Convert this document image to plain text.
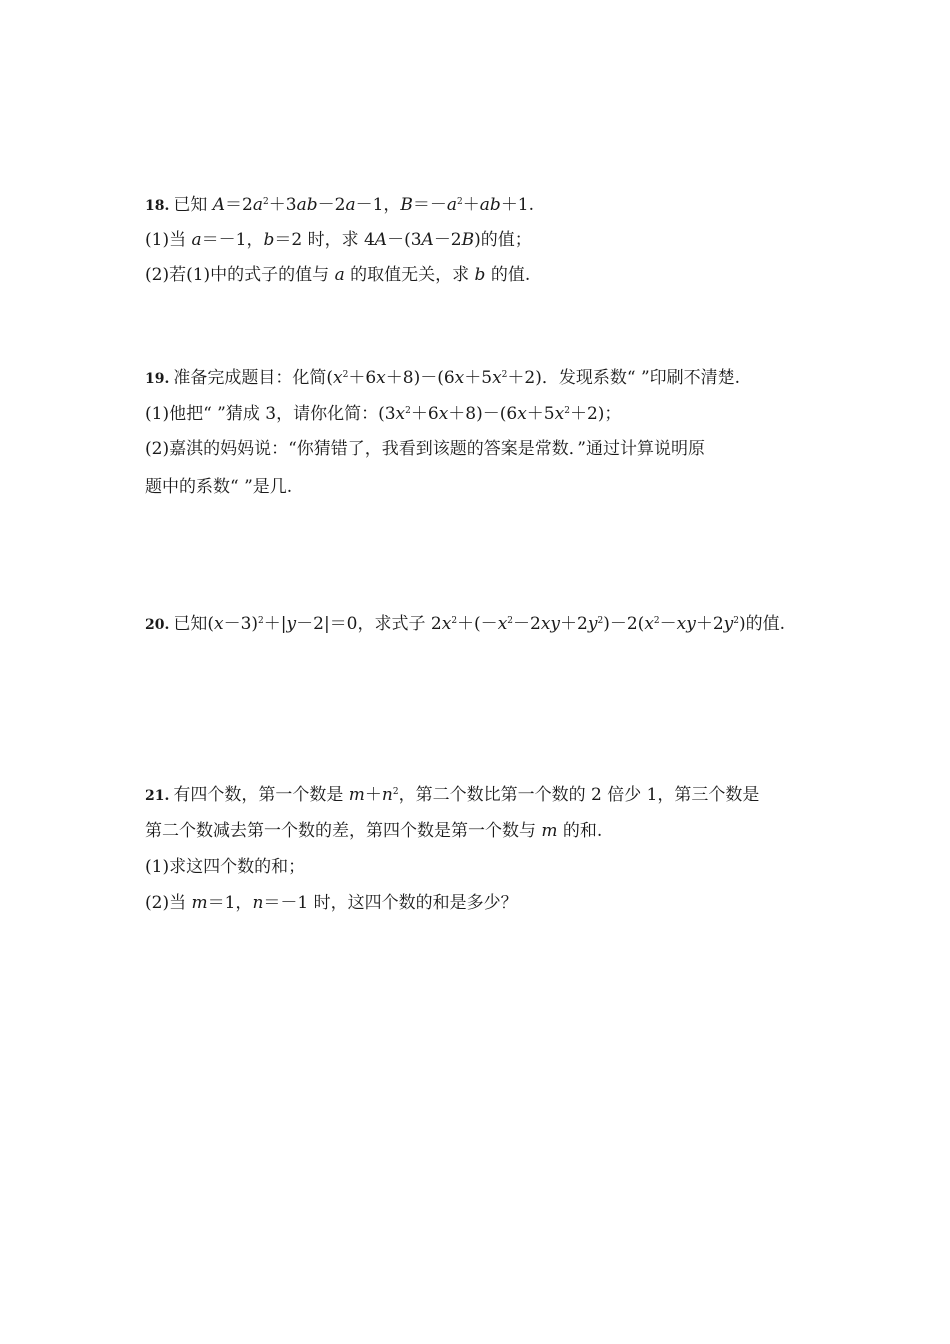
18. 已知 $A=2a^2+3ab-2a-1$，$B=-a^2+ab+1$.
(1)当 a＝－1，b＝2 时，求 4A－(3A－2B)的值；
(2)若(1)中的式子的值与 a 的取值无关，求 b 的值.
19. 准备完成题目：化简$(x^2+6x+8)-(6x+5x^2+2)$．发现系数“ ”印刷不清楚.
(1)他把“ ”猜成 3，请你化简：$(3x^2+6x+8)-(6x+5x^2+2)$；
(2)嘉淇的妈妈说：“你猜错了，我看到该题的答案是常数．”通过计算说明原
题中的系数“ ”是几.
20. 已知$(x-3)^2+|y-2|=0$，求式子 $2x^2+(-x^2-2xy+2y^2)-2(x^2-xy+2y^2)$的值.
21. 有四个数，第一个数是 $m+n^2$，第二个数比第一个数的 2 倍少 1，第三个数是
第二个数减去第一个数的差，第四个数是第一个数与 m 的和.
(1)求这四个数的和；
(2)当 m＝1，n＝－1 时，这四个数的和是多少？
